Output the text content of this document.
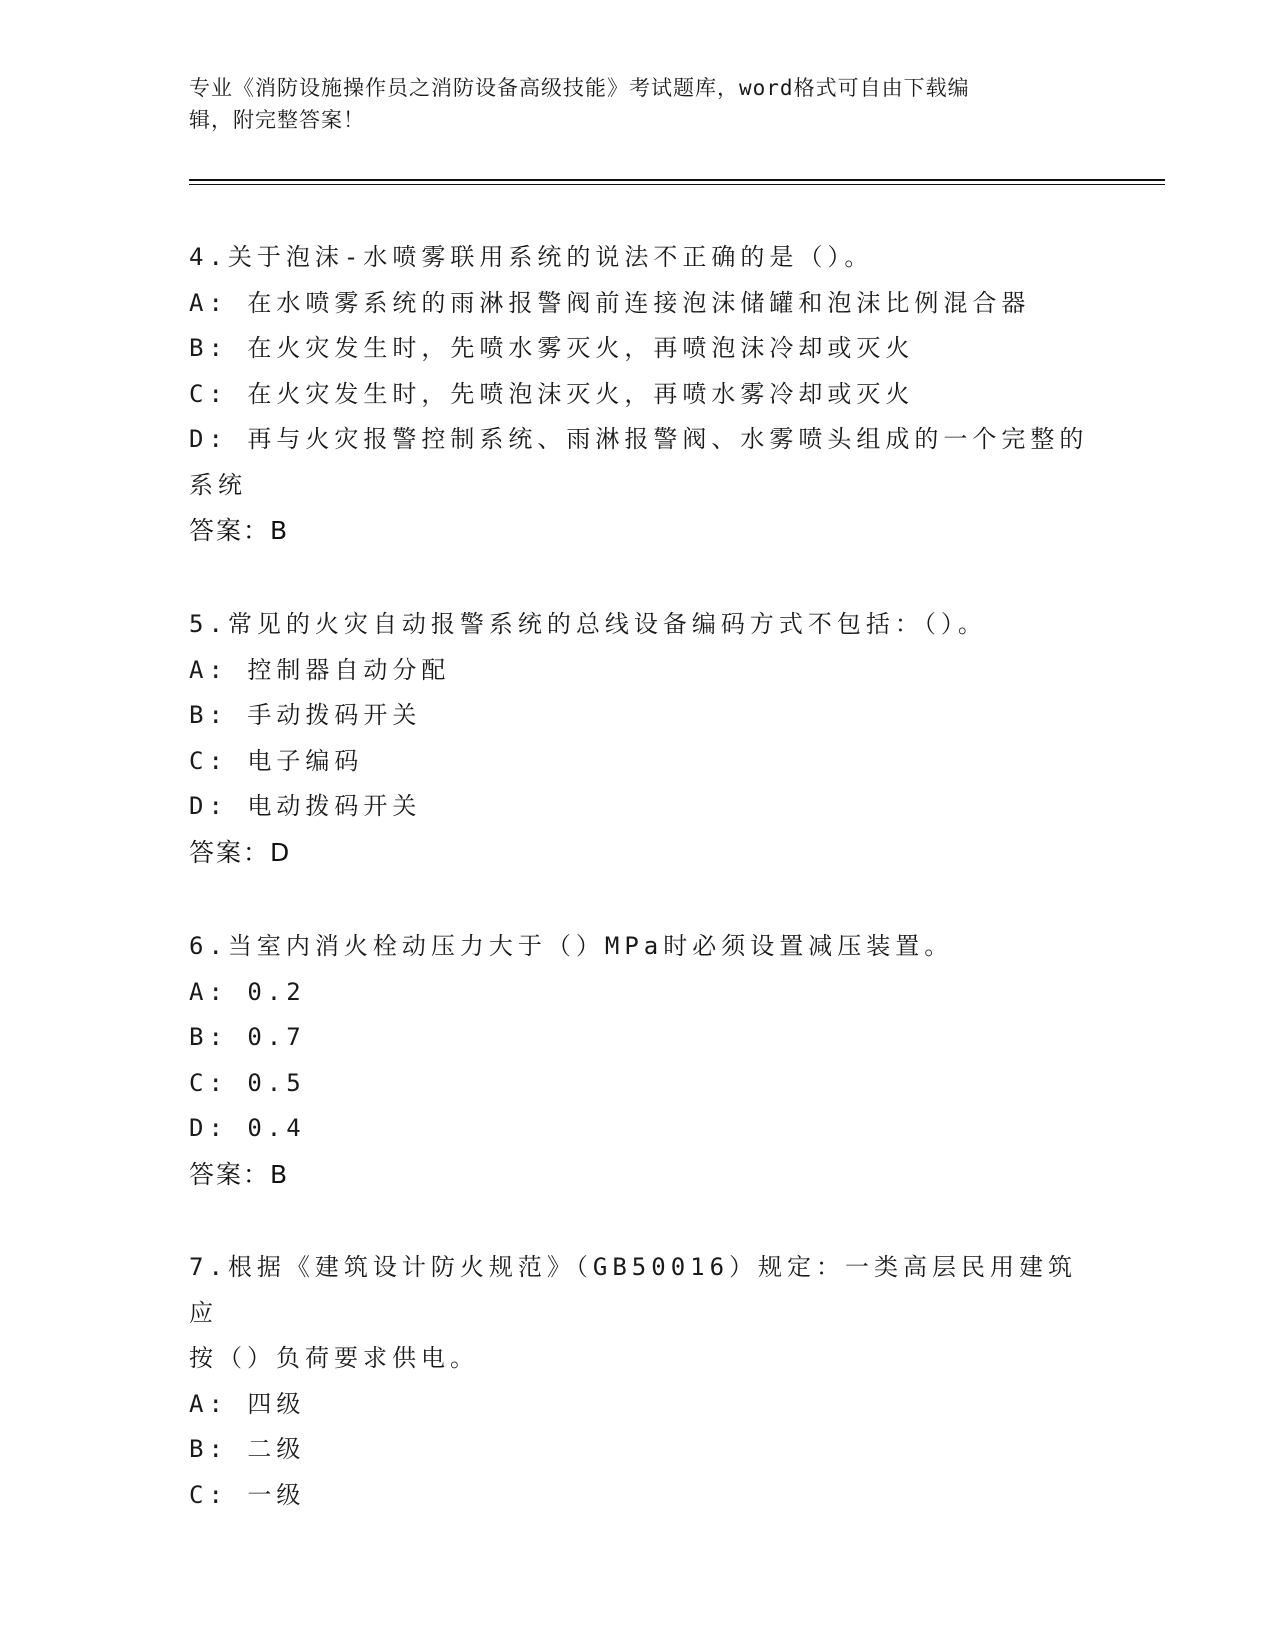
专业《消防设施操作员之消防设备高级技能》考试题库，word格式可自由下载编
辑，附完整答案！
4.关于泡沫-水喷雾联用系统的说法不正确的是（）。
A: 在水喷雾系统的雨淋报警阀前连接泡沫储罐和泡沫比例混合器
B: 在火灾发生时，先喷水雾灭火，再喷泡沫冷却或灭火
C: 在火灾发生时，先喷泡沫灭火，再喷水雾冷却或灭火
D: 再与火灾报警控制系统、雨淋报警阀、水雾喷头组成的一个完整的
系统
答案：B
5.常见的火灾自动报警系统的总线设备编码方式不包括：（）。
A: 控制器自动分配
B: 手动拨码开关
C: 电子编码
D: 电动拨码开关
答案：D
6.当室内消火栓动压力大于（）MPa时必须设置减压装置。
A: 0.2
B: 0.7
C: 0.5
D: 0.4
答案：B
7.根据《建筑设计防火规范》（GB50016）规定：一类高层民用建筑应
按（）负荷要求供电。
A: 四级
B: 二级
C: 一级
